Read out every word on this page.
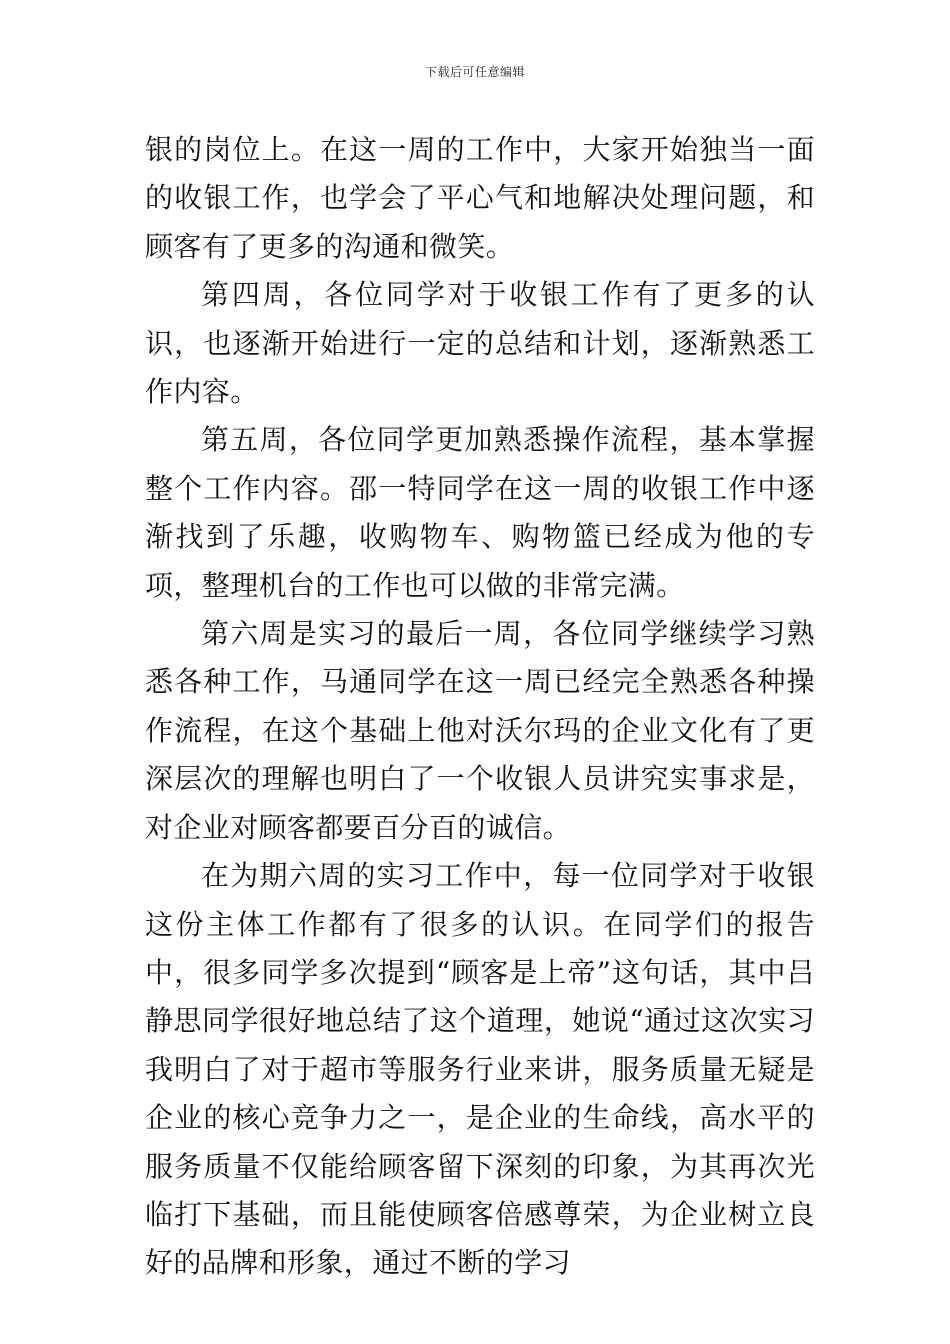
下载后可任意编辑

银的岗位上。在这一周的工作中，大家开始独当一面的收银工作，也学会了平心气和地解决处理问题，和顾客有了更多的沟通和微笑。

第四周，各位同学对于收银工作有了更多的认识，也逐渐开始进行一定的总结和计划，逐渐熟悉工作内容。

第五周，各位同学更加熟悉操作流程，基本掌握整个工作内容。邵一特同学在这一周的收银工作中逐渐找到了乐趣，收购物车、购物篮已经成为他的专项，整理机台的工作也可以做的非常完满。

第六周是实习的最后一周，各位同学继续学习熟悉各种工作，马通同学在这一周已经完全熟悉各种操作流程，在这个基础上他对沃尔玛的企业文化有了更深层次的理解也明白了一个收银人员讲究实事求是，对企业对顾客都要百分百的诚信。

在为期六周的实习工作中，每一位同学对于收银这份主体工作都有了很多的认识。在同学们的报告中，很多同学多次提到“顾客是上帝”这句话，其中吕静思同学很好地总结了这个道理，她说“通过这次实习我明白了对于超市等服务行业来讲，服务质量无疑是企业的核心竞争力之一，是企业的生命线，高水平的服务质量不仅能给顾客留下深刻的印象，为其再次光临打下基础，而且能使顾客倍感尊荣，为企业树立良好的品牌和形象，通过不断的学习
